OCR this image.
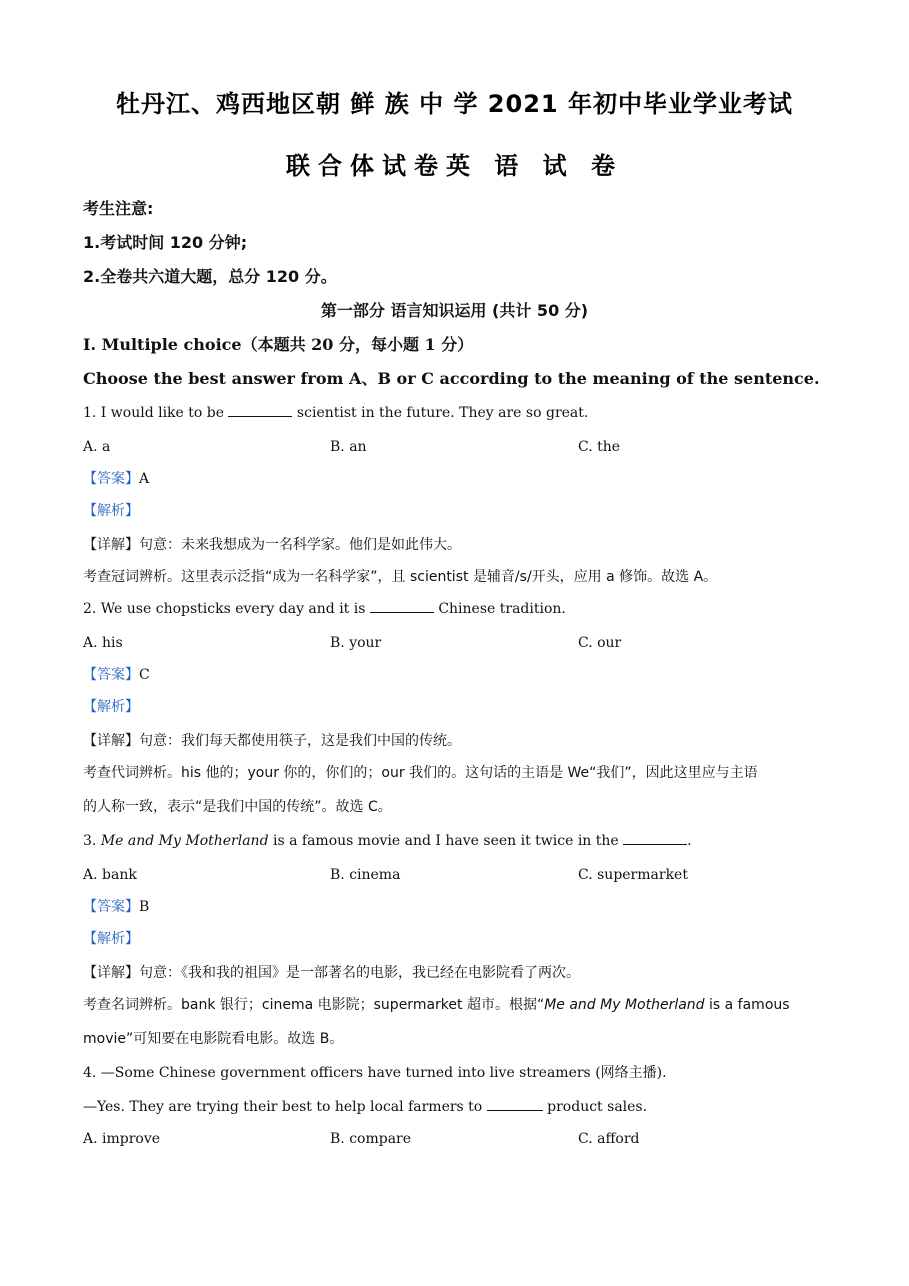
牡丹江、鸡西地区朝 鲜 族 中 学 2021 年初中毕业学业考试
联合体试卷英 语 试 卷
考生注意:
1.考试时间 120 分钟;
2.全卷共六道大题，总分 120 分。
第一部分 语言知识运用 (共计 50 分)
I. Multiple choice（本题共 20 分，每小题 1 分）
Choose the best answer from A、B or C according to the meaning of the sentence.
1. I would like to be	scientist in the future. They are so great.
A. a	B. an	C. the
【答案】A
【解析】
【详解】句意：未来我想成为一名科学家。他们是如此伟大。
考查冠词辨析。这里表示泛指“成为一名科学家”，且 scientist 是辅音/s/开头，应用 a 修饰。故选 A。
2. We use chopsticks every day and it is	Chinese tradition.
A. his	B. your	C. our
【答案】C
【解析】
【详解】句意：我们每天都使用筷子，这是我们中国的传统。
考查代词辨析。his 他的；your 你的，你们的；our 我们的。这句话的主语是 We“我们”，因此这里应与主语
的人称一致，表示“是我们中国的传统”。故选 C。
3. Me and My Motherland is a famous movie and I have seen it twice in the	.
A. bank	B. cinema	C. supermarket
【答案】B
【解析】
【详解】句意：《我和我的祖国》是一部著名的电影，我已经在电影院看了两次。
考查名词辨析。bank 银行；cinema 电影院；supermarket 超市。根据“Me and My Motherland is a famous
movie”可知要在电影院看电影。故选 B。
4. —Some Chinese government officers have turned into live streamers (网络主播).
—Yes. They are trying their best to help local farmers to	product sales.
A. improve	B. compare	C. afford
